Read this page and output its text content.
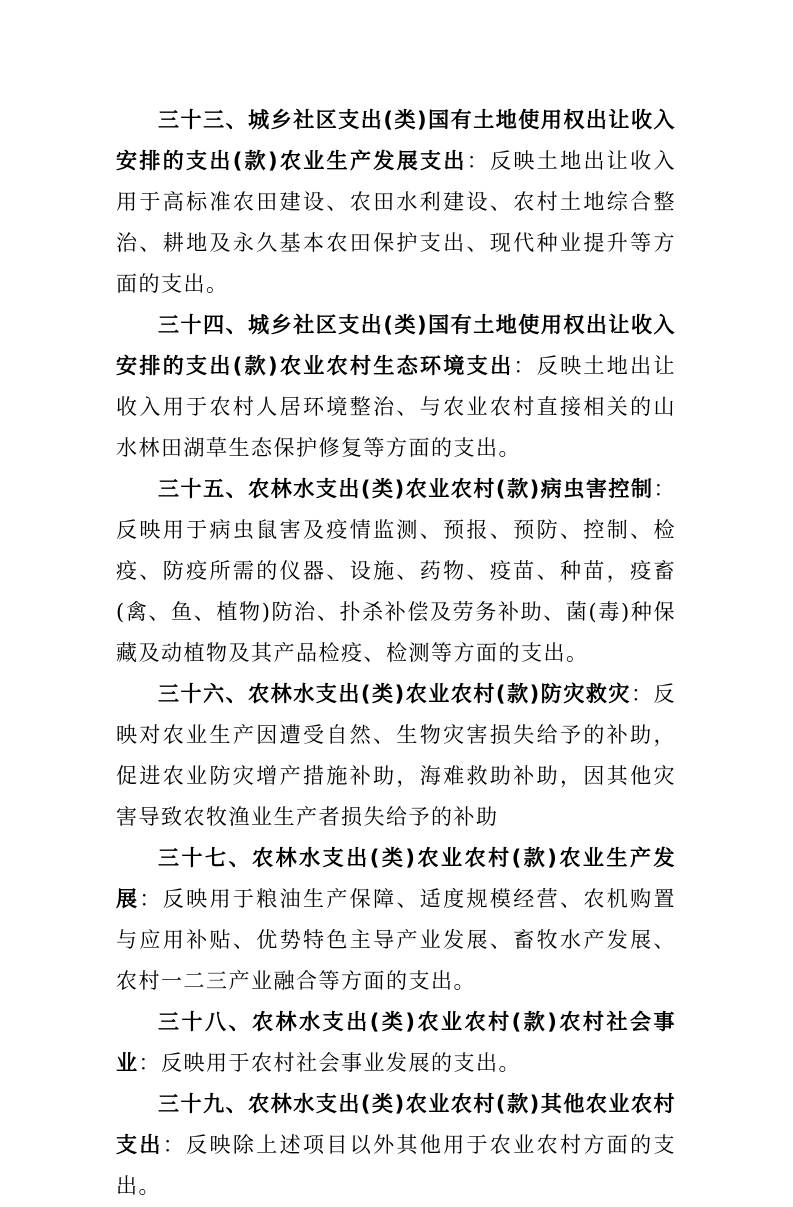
三十三、城乡社区支出(类)国有土地使用权出让收入安排的支出(款)农业生产发展支出：反映土地出让收入用于高标准农田建设、农田水利建设、农村土地综合整治、耕地及永久基本农田保护支出、现代种业提升等方面的支出。

三十四、城乡社区支出(类)国有土地使用权出让收入安排的支出(款)农业农村生态环境支出：反映土地出让收入用于农村人居环境整治、与农业农村直接相关的山水林田湖草生态保护修复等方面的支出。

三十五、农林水支出(类)农业农村(款)病虫害控制：反映用于病虫鼠害及疫情监测、预报、预防、控制、检疫、防疫所需的仪器、设施、药物、疫苗、种苗，疫畜(禽、鱼、植物)防治、扑杀补偿及劳务补助、菌(毒)种保藏及动植物及其产品检疫、检测等方面的支出。

三十六、农林水支出(类)农业农村(款)防灾救灾：反映对农业生产因遭受自然、生物灾害损失给予的补助，促进农业防灾增产措施补助，海难救助补助，因其他灾害导致农牧渔业生产者损失给予的补助

三十七、农林水支出(类)农业农村(款)农业生产发展：反映用于粮油生产保障、适度规模经营、农机购置与应用补贴、优势特色主导产业发展、畜牧水产发展、农村一二三产业融合等方面的支出。

三十八、农林水支出(类)农业农村(款)农村社会事业：反映用于农村社会事业发展的支出。

三十九、农林水支出(类)农业农村(款)其他农业农村支出：反映除上述项目以外其他用于农业农村方面的支出。
